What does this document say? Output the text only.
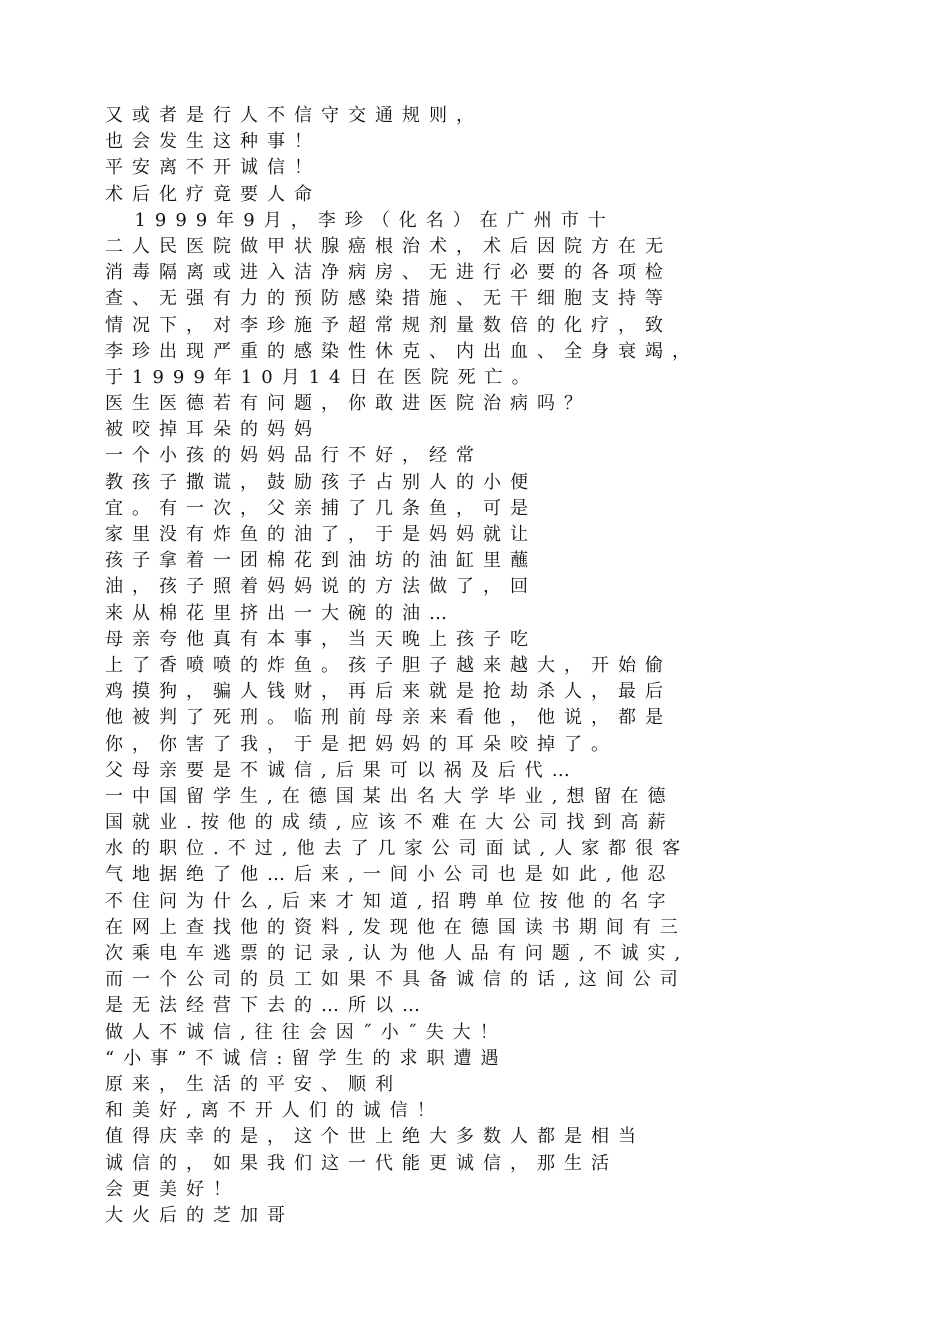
又或者是行人不信守交通规则，
也会发生这种事！
平安离不开诚信！
术后化疗竟要人命
1999年9月，李珍（化名）在广州市十
二人民医院做甲状腺癌根治术，术后因院方在无
消毒隔离或进入洁净病房、无进行必要的各项检
查、无强有力的预防感染措施、无干细胞支持等
情况下，对李珍施予超常规剂量数倍的化疗，致
李珍出现严重的感染性休克、内出血、全身衰竭，
于1999年10月14日在医院死亡。
医生医德若有问题，你敢进医院治病吗？
被咬掉耳朵的妈妈
一个小孩的妈妈品行不好，经常
教孩子撒谎，鼓励孩子占别人的小便
宜。有一次，父亲捕了几条鱼，可是
家里没有炸鱼的油了，于是妈妈就让
孩子拿着一团棉花到油坊的油缸里蘸
油，孩子照着妈妈说的方法做了，回
来从棉花里挤出一大碗的油…
母亲夸他真有本事，当天晚上孩子吃
上了香喷喷的炸鱼。孩子胆子越来越大，开始偷
鸡摸狗，骗人钱财，再后来就是抢劫杀人，最后
他被判了死刑。临刑前母亲来看他，他说，都是
你，你害了我，于是把妈妈的耳朵咬掉了。
父母亲要是不诚信,后果可以祸及后代…
一中国留学生,在德国某出名大学毕业,想留在德
国就业.按他的成绩,应该不难在大公司找到高薪
水的职位.不过,他去了几家公司面试,人家都很客
气地据绝了他…后来,一间小公司也是如此,他忍
不住问为什么,后来才知道,招聘单位按他的名字
在网上查找他的资料,发现他在德国读书期间有三
次乘电车逃票的记录,认为他人品有问题,不诚实,
而一个公司的员工如果不具备诚信的话,这间公司
是无法经营下去的…所以…
做人不诚信,往往会因˝小˝失大！
“小事”不诚信:留学生的求职遭遇
原来，生活的平安、顺利
和美好,离不开人们的诚信！
值得庆幸的是，这个世上绝大多数人都是相当
诚信的，如果我们这一代能更诚信，那生活
会更美好！
大火后的芝加哥
